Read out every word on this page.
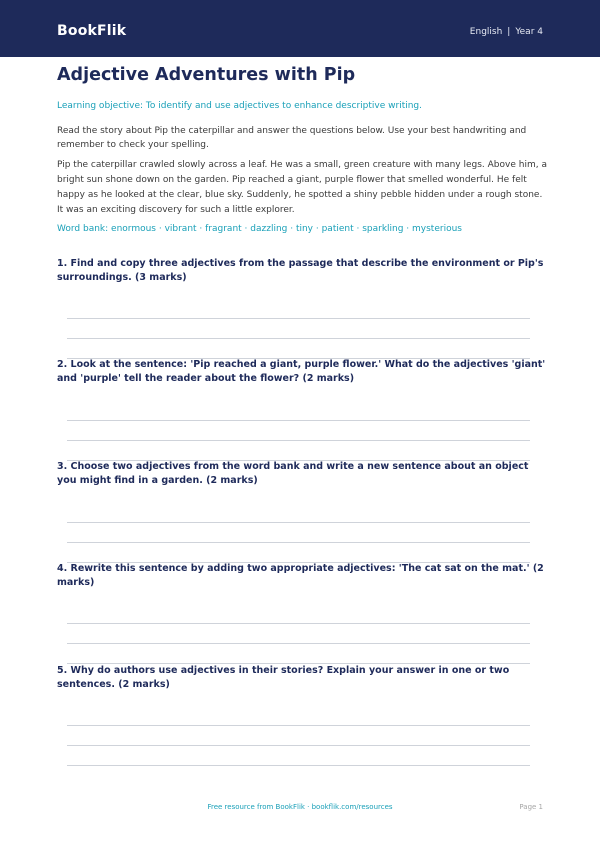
BookFlik	English | Year 4
Adjective Adventures with Pip
Learning objective: To identify and use adjectives to enhance descriptive writing.

Read the story about Pip the caterpillar and answer the questions below. Use your best handwriting and remember to check your spelling.

Pip the caterpillar crawled slowly across a leaf. He was a small, green creature with many legs. Above him, a bright sun shone down on the garden. Pip reached a giant, purple flower that smelled wonderful. He felt happy as he looked at the clear, blue sky. Suddenly, he spotted a shiny pebble hidden under a rough stone. It was an exciting discovery for such a little explorer.

Word bank: enormous · vibrant · fragrant · dazzling · tiny · patient · sparkling · mysterious

1. Find and copy three adjectives from the passage that describe the environment or Pip's surroundings. (3 marks)

2. Look at the sentence: 'Pip reached a giant, purple flower.' What do the adjectives 'giant' and 'purple' tell the reader about the flower? (2 marks)

3. Choose two adjectives from the word bank and write a new sentence about an object you might find in a garden. (2 marks)

4. Rewrite this sentence by adding two appropriate adjectives: 'The cat sat on the mat.' (2 marks)

5. Why do authors use adjectives in their stories? Explain your answer in one or two sentences. (2 marks)

Free resource from BookFlik · bookflik.com/resources	Page 1
